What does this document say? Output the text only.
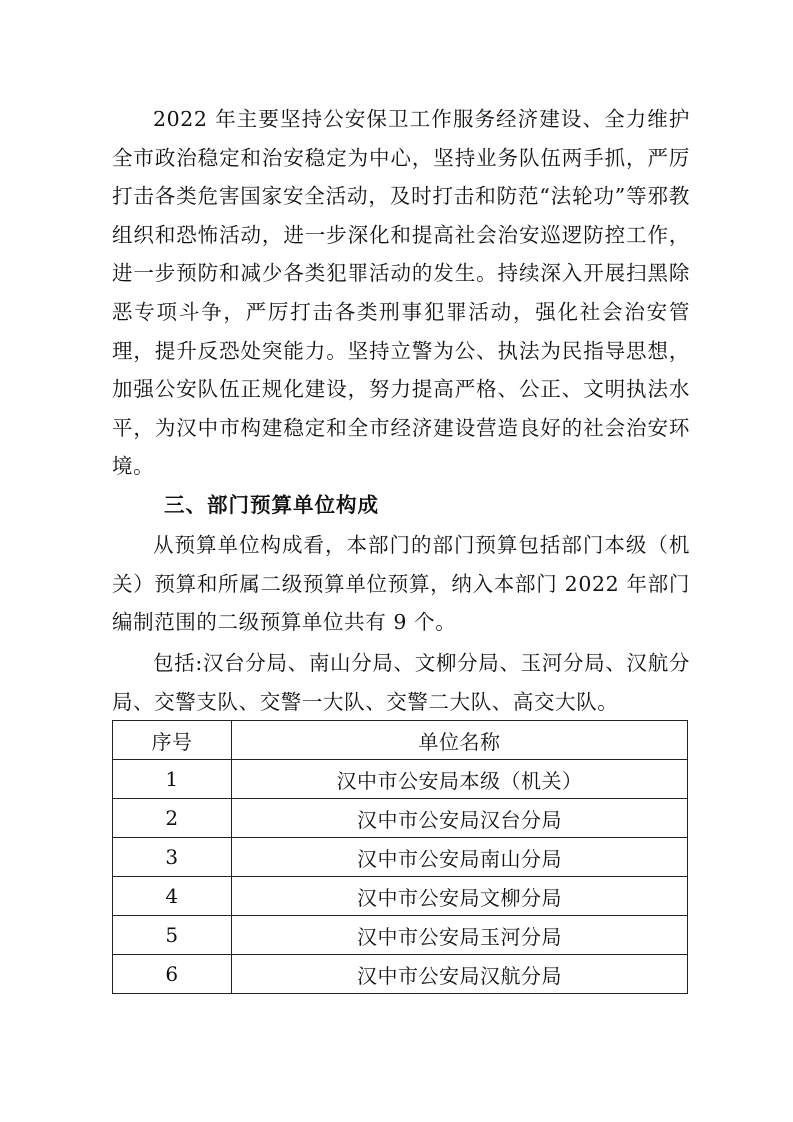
2022 年主要坚持公安保卫工作服务经济建设、全力维护全市政治稳定和治安稳定为中心，坚持业务队伍两手抓，严厉打击各类危害国家安全活动，及时打击和防范“法轮功”等邪教组织和恐怖活动，进一步深化和提高社会治安巡逻防控工作，进一步预防和减少各类犯罪活动的发生。持续深入开展扫黑除恶专项斗争，严厉打击各类刑事犯罪活动，强化社会治安管理，提升反恐处突能力。坚持立警为公、执法为民指导思想，加强公安队伍正规化建设，努力提高严格、公正、文明执法水平，为汉中市构建稳定和全市经济建设营造良好的社会治安环境。

三、部门预算单位构成

从预算单位构成看，本部门的部门预算包括部门本级（机关）预算和所属二级预算单位预算，纳入本部门 2022 年部门编制范围的二级预算单位共有 9 个。

包括:汉台分局、南山分局、文柳分局、玉河分局、汉航分局、交警支队、交警一大队、交警二大队、高交大队。

序号	单位名称
1	汉中市公安局本级（机关）
2	汉中市公安局汉台分局
3	汉中市公安局南山分局
4	汉中市公安局文柳分局
5	汉中市公安局玉河分局
6	汉中市公安局汉航分局
